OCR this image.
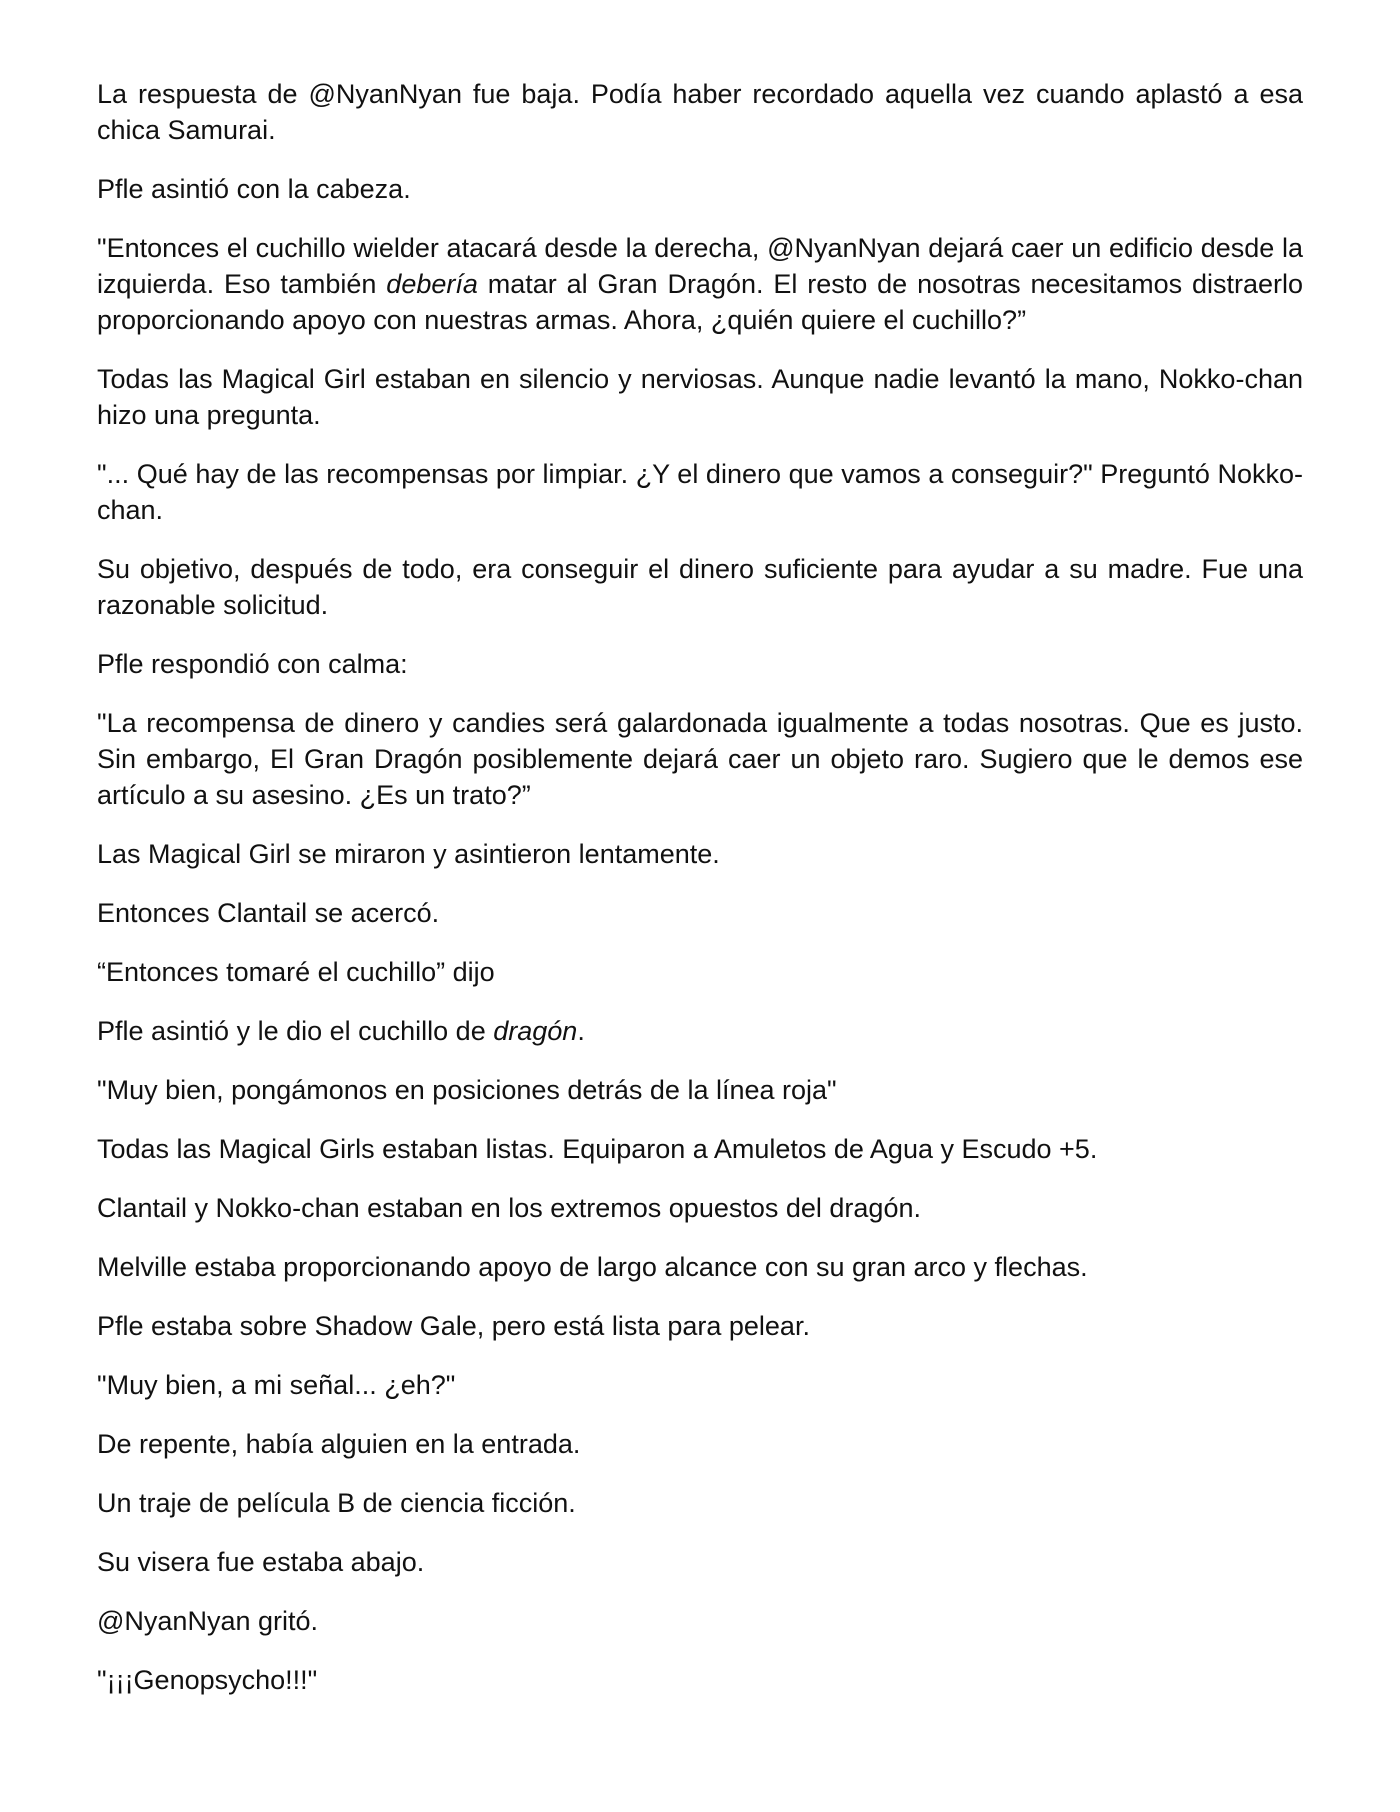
La respuesta de @NyanNyan fue baja. Podía haber recordado aquella vez cuando aplastó a esa chica Samurai.

Pfle asintió con la cabeza.

"Entonces el cuchillo wielder atacará desde la derecha, @NyanNyan dejará caer un edificio desde la izquierda. Eso también debería matar al Gran Dragón. El resto de nosotras necesitamos distraerlo proporcionando apoyo con nuestras armas. Ahora, ¿quién quiere el cuchillo?”

Todas las Magical Girl estaban en silencio y nerviosas. Aunque nadie levantó la mano, Nokko-chan hizo una pregunta.

"... Qué hay de las recompensas por limpiar. ¿Y el dinero que vamos a conseguir?" Preguntó Nokko-chan.

Su objetivo, después de todo, era conseguir el dinero suficiente para ayudar a su madre. Fue una razonable solicitud.

Pfle respondió con calma:

"La recompensa de dinero y candies será galardonada igualmente a todas nosotras. Que es justo. Sin embargo, El Gran Dragón posiblemente dejará caer un objeto raro. Sugiero que le demos ese artículo a su asesino. ¿Es un trato?”

Las Magical Girl se miraron y asintieron lentamente.

Entonces Clantail se acercó.

“Entonces tomaré el cuchillo” dijo

Pfle asintió y le dio el cuchillo de dragón.

"Muy bien, pongámonos en posiciones detrás de la línea roja"

Todas las Magical Girls estaban listas. Equiparon a Amuletos de Agua y Escudo +5.

Clantail y Nokko-chan estaban en los extremos opuestos del dragón.

Melville estaba proporcionando apoyo de largo alcance con su gran arco y flechas.

Pfle estaba sobre Shadow Gale, pero está lista para pelear.

"Muy bien, a mi señal... ¿eh?"

De repente, había alguien en la entrada.

Un traje de película B de ciencia ficción.

Su visera fue estaba abajo.

@NyanNyan gritó.

"¡¡¡Genopsycho!!!"
